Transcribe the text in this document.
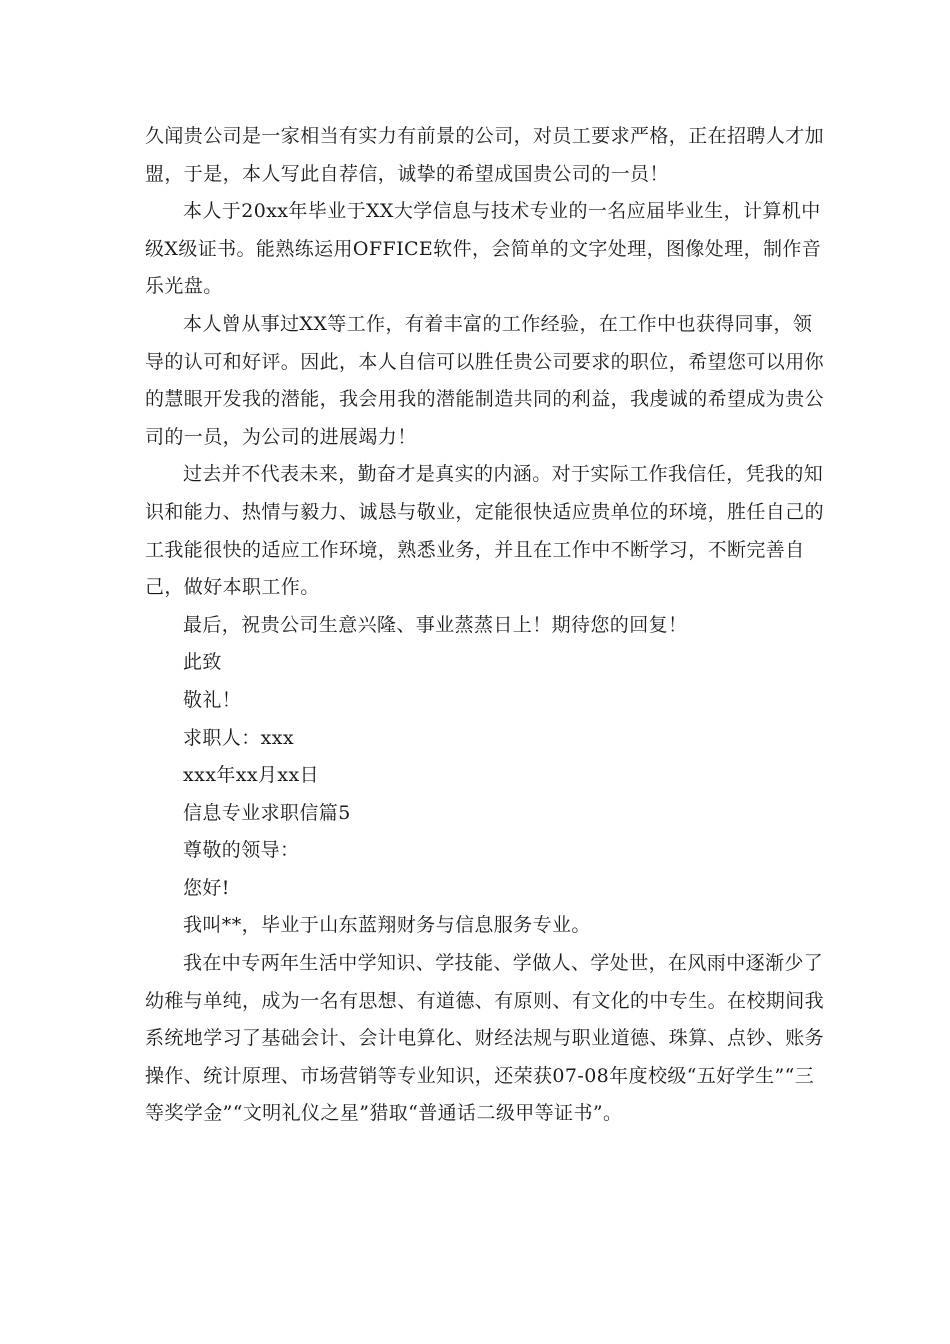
久闻贵公司是一家相当有实力有前景的公司，对员工要求严格，正在招聘人才加盟，于是，本人写此自荐信，诚挚的希望成国贵公司的一员！

本人于20xx年毕业于XX大学信息与技术专业的一名应届毕业生，计算机中级X级证书。能熟练运用OFFICE软件，会简单的文字处理，图像处理，制作音乐光盘。

本人曾从事过XX等工作，有着丰富的工作经验，在工作中也获得同事，领导的认可和好评。因此，本人自信可以胜任贵公司要求的职位，希望您可以用你的慧眼开发我的潜能，我会用我的潜能制造共同的利益，我虔诚的希望成为贵公司的一员，为公司的进展竭力！

过去并不代表未来，勤奋才是真实的内涵。对于实际工作我信任，凭我的知识和能力、热情与毅力、诚恳与敬业，定能很快适应贵单位的环境，胜任自己的工我能很快的适应工作环境，熟悉业务，并且在工作中不断学习，不断完善自己，做好本职工作。

最后，祝贵公司生意兴隆、事业蒸蒸日上！期待您的回复！

此致

敬礼！

求职人：xxx

xxx年xx月xx日

信息专业求职信篇5

尊敬的领导：

您好!

我叫**，毕业于山东蓝翔财务与信息服务专业。

我在中专两年生活中学知识、学技能、学做人、学处世，在风雨中逐渐少了幼稚与单纯，成为一名有思想、有道德、有原则、有文化的中专生。在校期间我系统地学习了基础会计、会计电算化、财经法规与职业道德、珠算、点钞、账务操作、统计原理、市场营销等专业知识，还荣获07-08年度校级“五好学生”“三等奖学金”“文明礼仪之星”猎取“普通话二级甲等证书”。
